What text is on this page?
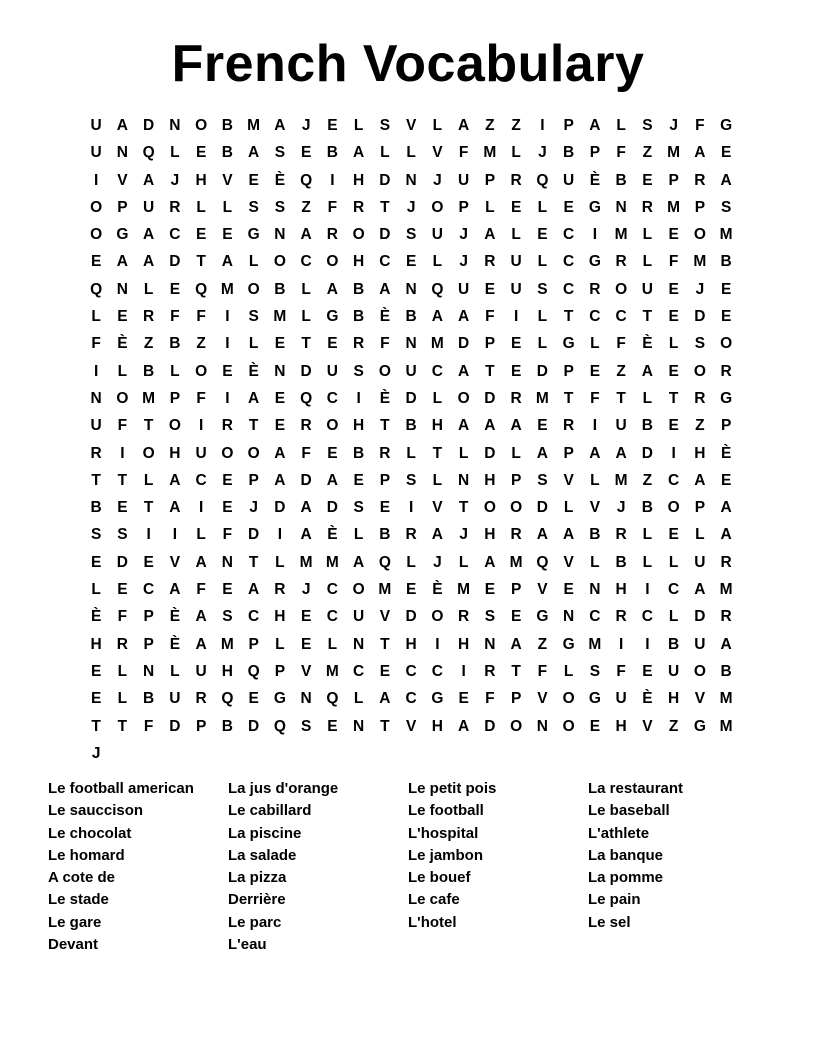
French Vocabulary
U A D N O B M A	J	E	L	S	V	L	A	Z	Z	I	P A	L	S	J	F G
U N Q L	E B A S	E B A	L	L	V	F M L	J	B P	F	Z M A E
I	V A	J	H V	E	È Q	I	H D N	J	U P R Q U È B E	P R A
O P U R	L	L	S	S	Z	F	R	T	J	O P	L	E	L	E G N R M P	S
O G A C E	E G N A R O D S U	J	A	L	E C	I	M L	E O M
E A A D	T	A	L O C O H C E	L	J	R U	L	C G R	L	F M B
Q N	L	E Q M O B	L	A B A N Q U E U S C R O U E	J	E
L	E R	F	F	I	S M L G B È B A A	F	I	L	T	C C	T	E D E
F	È	Z	B	Z	I	L	E	T	E R	F	N M D P	E	L G L	F	È	L	S O
I	L	B	L O E	È N D U S O U C A	T	E D P	E	Z	A E O R
N O M P	F	I	A E Q C	I	È D	L O D R M T	F	T	L	T	R G
U	F	T O	I	R	T	E R O H	T	B H A A A E R	I	U B E	Z	P
R	I	O H U O O A	F	E B R	L	T	L	D	L	A P A A D	I	H È
T	T	L	A C E	P A D A E	P	S	L	N H P	S	V	L M Z	C A E
B E	T	A	I	E	J	D A D S	E	I	V	T O O D	L	V	J	B O P A
S	S	I	I	L	F	D	I	A È	L	B R A	J	H R A A B R	L	E	L	A
E D E	V A N	T	L M M A Q L	J	L	A M Q V	L	B	L	L	U R
L	E C A	F	E A R	J	C O M E	È M E	P	V	E N H	I	C A M
È	F	P	È A S C H E C U V D O R S	E G N C R C	L	D R
H R P	È A M P	L	E	L	N	T	H	I	H N A	Z G M	I	I	B U A
E	L	N	L	U H Q P	V M C E C C	I	R	T	F	L	S	F	E U O B
E	L	B U R Q E G N Q L	A C G E	F	P	V O G U È H V M
T	T	F	D P B D Q S	E N	T	V H A D O N O E H V	Z G M
J
Le football american
Le sauccison
Le chocolat
Le homard
A cote de
Le stade
Le gare
Devant
La jus d'orange
Le cabillard
La piscine
La salade
La pizza
Derrière
Le parc
L'eau
Le petit pois
Le football
L'hospital
Le jambon
Le bouef
Le cafe
L'hotel
La restaurant
Le baseball
L'athlete
La banque
La pomme
Le pain
Le sel
